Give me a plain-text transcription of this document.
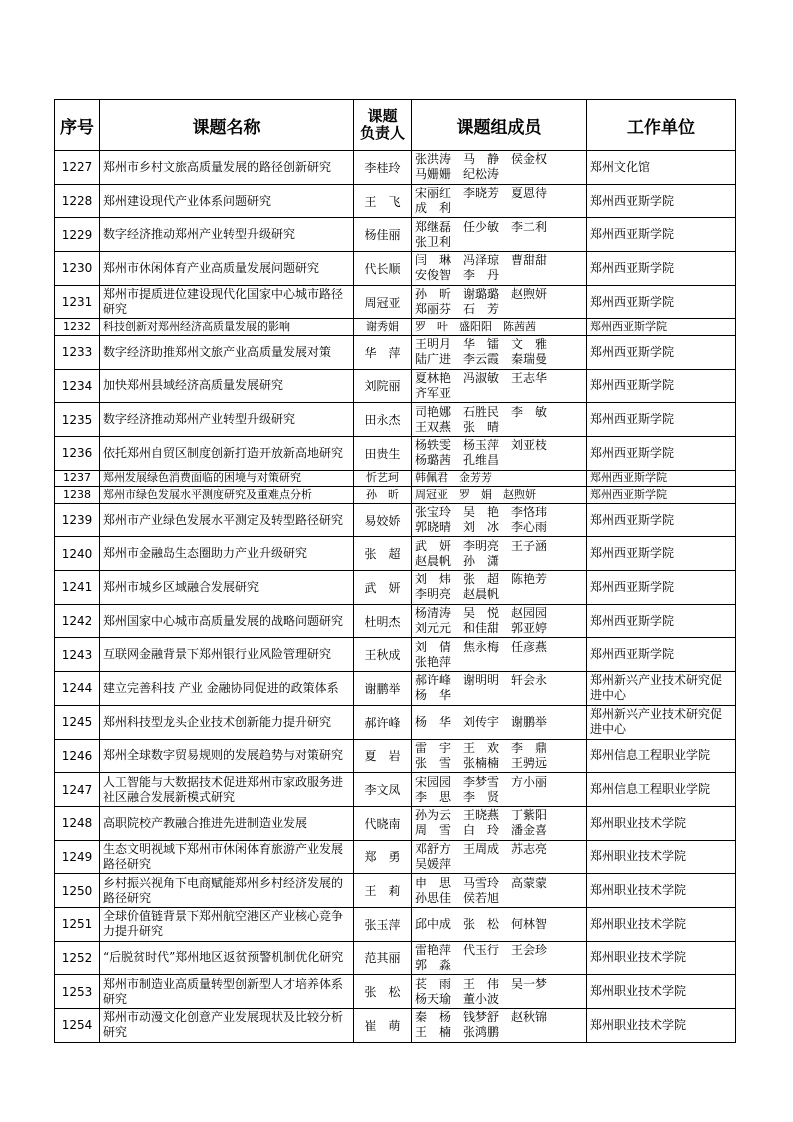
序号	课题名称	课题
负责人	课题组成员	工作单位
1227	郑州市乡村文旅高质量发展的路径创新研究	李桂玲	张洪涛　马　静　侯金权
马姗姗　纪松涛	郑州文化馆
1228	郑州建设现代产业体系问题研究	王　飞	宋丽红　李晓芳　夏恩待
成　利	郑州西亚斯学院
1229	数字经济推动郑州产业转型升级研究	杨佳丽	郑继磊　任少敏　李二利
张卫利	郑州西亚斯学院
1230	郑州市休闲体育产业高质量发展问题研究	代长顺	闫　琳　冯泽琼　曹甜甜
安俊智　李　丹	郑州西亚斯学院
1231	郑州市提质进位建设现代化国家中心城市路径研究	周冠亚	孙　昕　谢璐璐　赵煦妍
郑丽芬　石　芳	郑州西亚斯学院
1232	科技创新对郑州经济高质量发展的影响	谢秀娟	罗　叶　盛阳阳　陈茜茜	郑州西亚斯学院
1233	数字经济助推郑州文旅产业高质量发展对策	华　萍	王明月　华　镭　文　雅
陆广进　李云霞　秦瑞曼	郑州西亚斯学院
1234	加快郑州县域经济高质量发展研究	刘院丽	夏林艳　冯淑敏　王志华
齐军亚	郑州西亚斯学院
1235	数字经济推动郑州产业转型升级研究	田永杰	司艳娜　石胜民　李　敏
王双燕　张　晴	郑州西亚斯学院
1236	依托郑州自贸区制度创新打造开放新高地研究	田贵生	杨轶雯　杨玉萍　刘亚枝
杨璐茜　孔维昌	郑州西亚斯学院
1237	郑州发展绿色消费面临的困境与对策研究	忻艺珂	韩佩君　金芳芳	郑州西亚斯学院
1238	郑州市绿色发展水平测度研究及重难点分析	孙　昕	周冠亚　罗　娟　赵煦妍	郑州西亚斯学院
1239	郑州市产业绿色发展水平测定及转型路径研究	易姣娇	张宝玲　吴　艳　李恪玮
郭晓晴　刘　冰　李心雨	郑州西亚斯学院
1240	郑州市金融岛生态圈助力产业升级研究	张　超	武　妍　李明亮　王子涵
赵晨帆　孙　潇	郑州西亚斯学院
1241	郑州市城乡区域融合发展研究	武　妍	刘　炜　张　超　陈艳芳
李明亮　赵晨帆	郑州西亚斯学院
1242	郑州国家中心城市高质量发展的战略问题研究	杜明杰	杨清涛　吴　悦　赵园园
刘元元　和佳甜　郭亚婷	郑州西亚斯学院
1243	互联网金融背景下郑州银行业风险管理研究	王秋成	刘　倩　焦永梅　任彦燕
张艳萍	郑州西亚斯学院
1244	建立完善科技 产业 金融协同促进的政策体系	谢鹏举	郝许峰　谢明明　轩会永
杨　华	郑州新兴产业技术研究促进中心
1245	郑州科技型龙头企业技术创新能力提升研究	郝许峰	杨　华　刘传宇　谢鹏举	郑州新兴产业技术研究促进中心
1246	郑州全球数字贸易规则的发展趋势与对策研究	夏　岩	雷　宇　王　欢　李　鼎
张　雪　张楠楠　王骋远	郑州信息工程职业学院
1247	人工智能与大数据技术促进郑州市家政服务进社区融合发展新模式研究	李文凤	宋园园　李梦雪　方小丽
李　思　李　贤	郑州信息工程职业学院
1248	高职院校产教融合推进先进制造业发展	代晓南	孙为云　王晓燕　丁紫阳
周　雪　白　玲　潘金喜	郑州职业技术学院
1249	生态文明视域下郑州市休闲体育旅游产业发展路径研究	郑　勇	邓舒方　王周成　苏志亮
吴媛萍	郑州职业技术学院
1250	乡村振兴视角下电商赋能郑州乡村经济发展的路径研究	王　莉	申　思　马雪玲　高蒙蒙
孙思佳　侯若旭	郑州职业技术学院
1251	全球价值链背景下郑州航空港区产业核心竞争力提升研究	张玉萍	邱中成　张　松　何林智	郑州职业技术学院
1252	“后脱贫时代”郑州地区返贫预警机制优化研究	范其丽	雷艳萍　代玉行　王会珍
郭　淼	郑州职业技术学院
1253	郑州市制造业高质量转型创新型人才培养体系研究	张　松	苌　雨　王　伟　吴一梦
杨天瑜　董小波	郑州职业技术学院
1254	郑州市动漫文化创意产业发展现状及比较分析研究	崔　萌	秦　杨　钱梦舒　赵秋锦
王　楠　张鸿鹏	郑州职业技术学院
